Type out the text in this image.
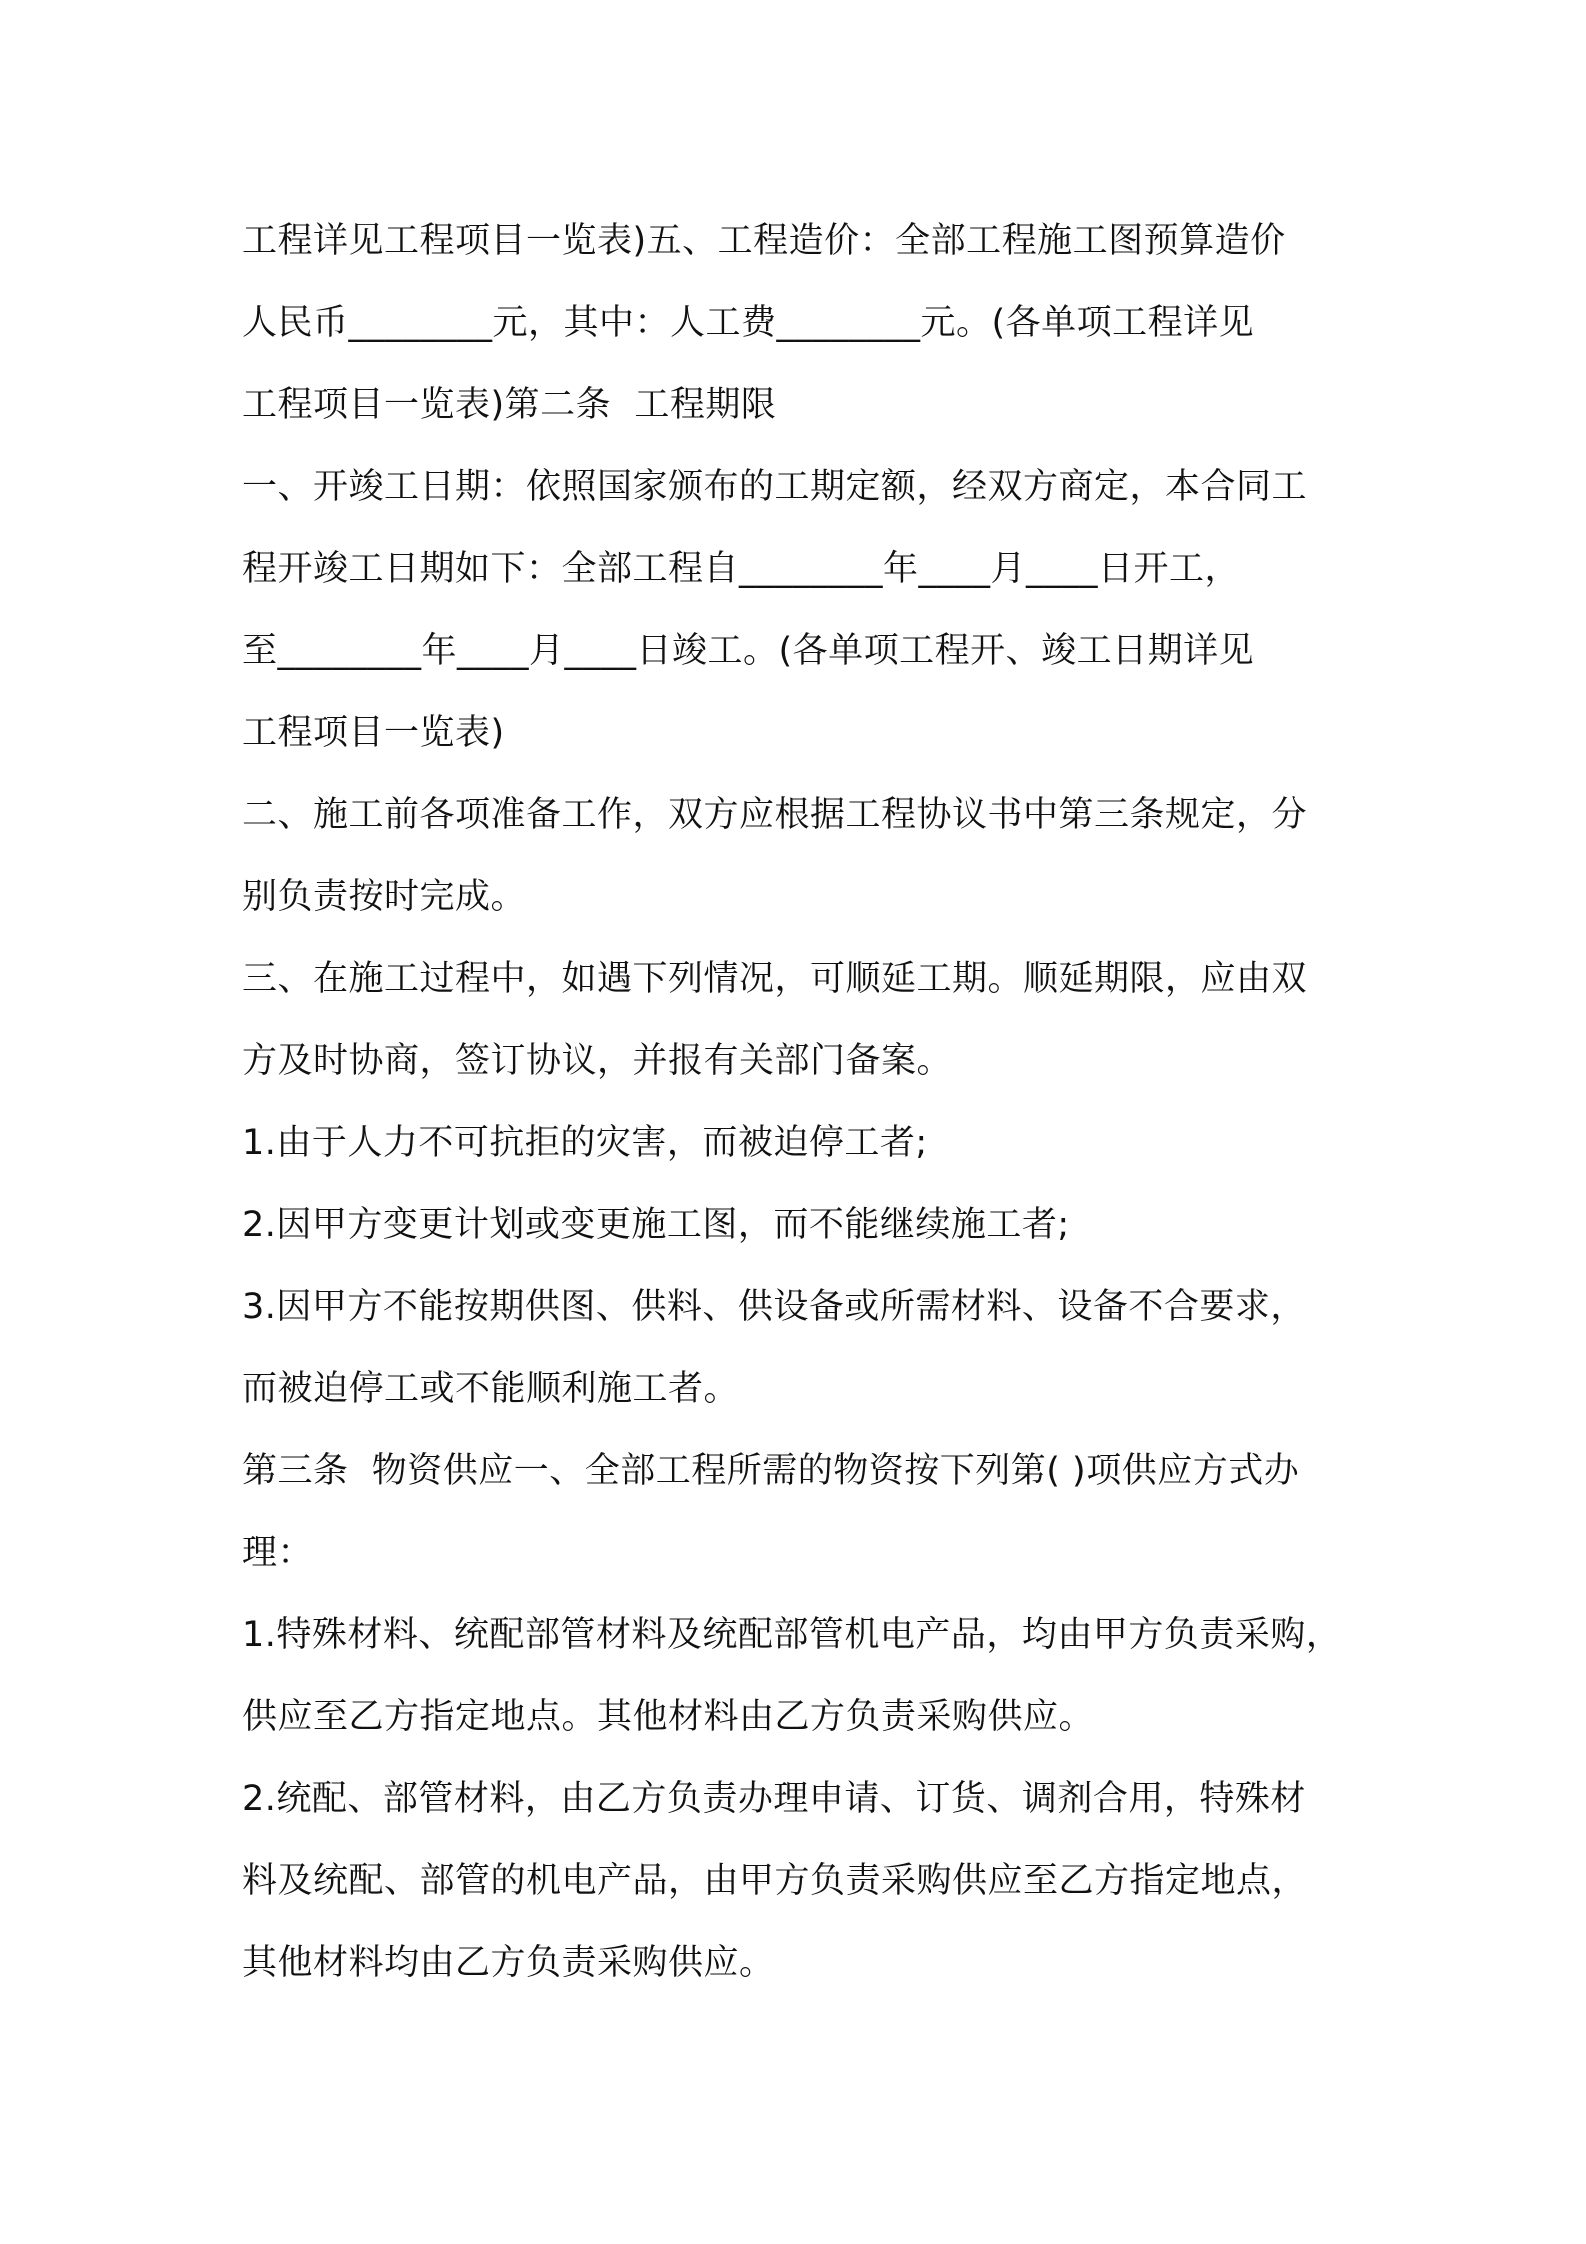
工程详见工程项目一览表)五、工程造价：全部工程施工图预算造价
人民币________元，其中：人工费________元。(各单项工程详见
工程项目一览表)第二条  工程期限
一、开竣工日期：依照国家颁布的工期定额，经双方商定，本合同工
程开竣工日期如下：全部工程自________年____月____日开工，
至________年____月____日竣工。(各单项工程开、竣工日期详见
工程项目一览表)
二、施工前各项准备工作，双方应根据工程协议书中第三条规定，分
别负责按时完成。
三、在施工过程中，如遇下列情况，可顺延工期。顺延期限，应由双
方及时协商，签订协议，并报有关部门备案。
1.由于人力不可抗拒的灾害，而被迫停工者;
2.因甲方变更计划或变更施工图，而不能继续施工者;
3.因甲方不能按期供图、供料、供设备或所需材料、设备不合要求，
而被迫停工或不能顺利施工者。
第三条  物资供应一、全部工程所需的物资按下列第( )项供应方式办
理：
1.特殊材料、统配部管材料及统配部管机电产品，均由甲方负责采购，
供应至乙方指定地点。其他材料由乙方负责采购供应。
2.统配、部管材料，由乙方负责办理申请、订货、调剂合用，特殊材
料及统配、部管的机电产品，由甲方负责采购供应至乙方指定地点，
其他材料均由乙方负责采购供应。
